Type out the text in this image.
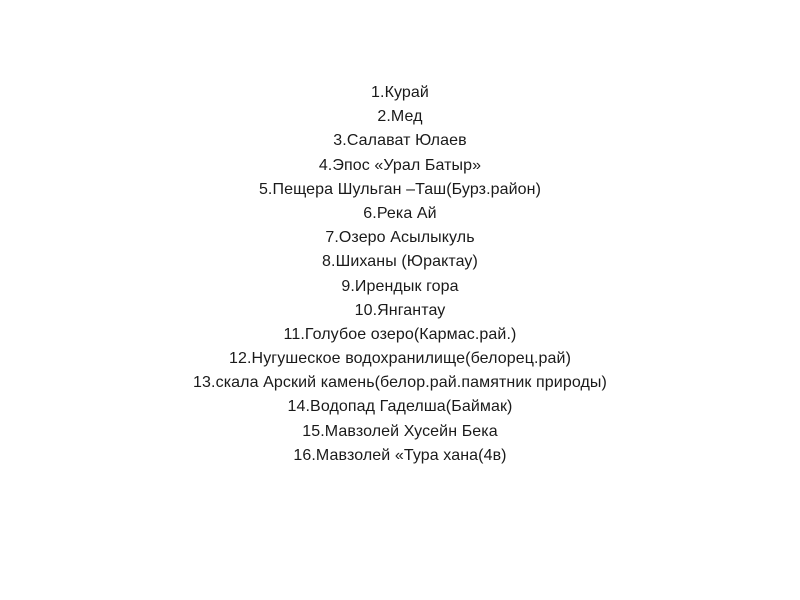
1.Курай
2.Мед
3.Салават Юлаев
4.Эпос «Урал Батыр»
5.Пещера Шульган –Таш(Бурз.район)
6.Река Ай
7.Озеро Асылыкуль
8.Шиханы (Юрактау)
9.Ирендык гора
10.Янгантау
11.Голубое озеро(Кармас.рай.)
12.Нугушеское водохранилище(белорец.рай)
13.скала Арский камень(белор.рай.памятник природы)
14.Водопад Гаделша(Баймак)
15.Мавзолей Хусейн Бека
16.Мавзолей «Тура хана(4в)
